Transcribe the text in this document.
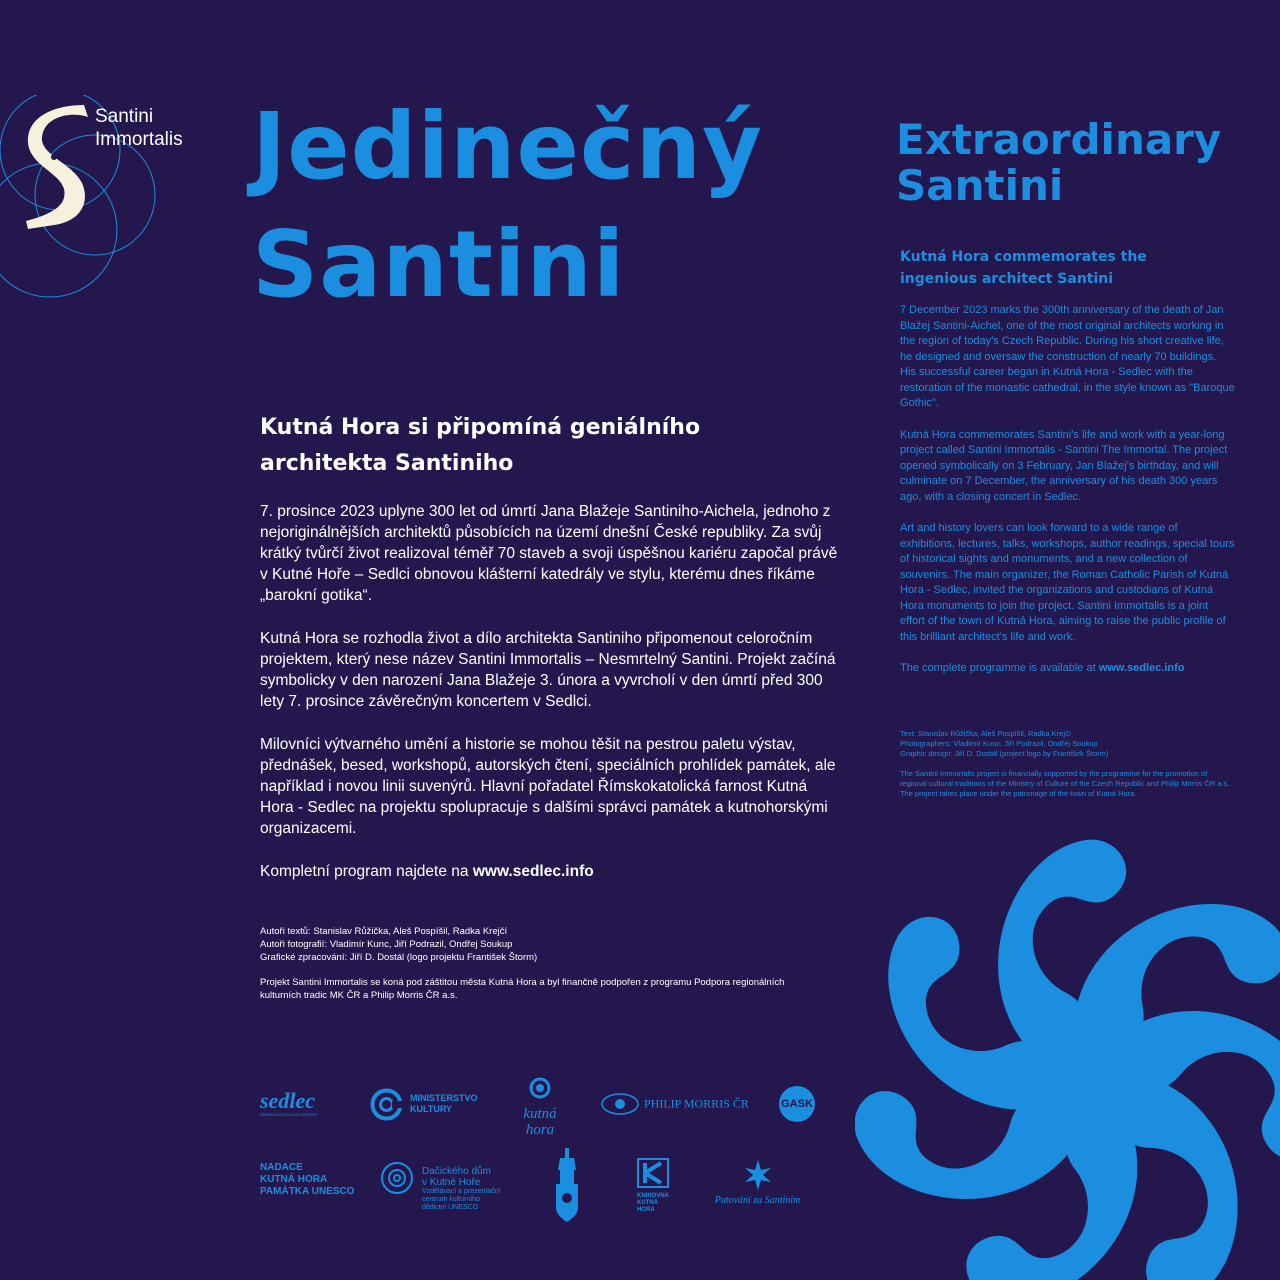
Santini
Immortalis Jedinečný
Santini
Extraordinary
Santini
Kutná Hora si připomíná geniálního
architekta Santiniho

7. prosince 2023 uplyne 300 let od úmrtí Jana Blažeje Santiniho-Aichela, jednoho z nejoriginálnějších architektů působících na území dnešní České republiky. Za svůj krátký tvůrčí život realizoval téměř 70 staveb a svoji úspěšnou kariéru započal právě v Kutné Hoře – Sedlci obnovou klášterní katedrály ve stylu, kterému dnes říkáme „barokní gotika“.

Kutná Hora se rozhodla život a dílo architekta Santiniho připomenout celoročním projektem, který nese název Santini Immortalis – Nesmrtelný Santini. Projekt začíná symbolicky v den narození Jana Blažeje 3. února a vyvrcholí v den úmrtí před 300 lety 7. prosince závěrečným koncertem v Sedlci.

Milovníci výtvarného umění a historie se mohou těšit na pestrou paletu výstav, přednášek, besed, workshopů, autorských čtení, speciálních prohlídek památek, ale například i novou linii suvenýrů. Hlavní pořadatel Římskokatolická farnost Kutná Hora - Sedlec na projektu spolupracuje s dalšími správci památek a kutnohorskými organizacemi.

Kompletní program najdete na www.sedlec.info

Autoři textů: Stanislav Růžička, Aleš Pospíšil, Radka Krejčí
Autoři fotografií: Vladimír Kunc, Jiří Podrazil, Ondřej Soukup
Grafické zpracování: Jiří D. Dostál (logo projektu František Štorm)

Projekt Santini Immortalis se koná pod záštitou města Kutná Hora a byl finančně podpořen z programu Podpora regionálních kulturních tradic MK ČR a Philip Morris ČR a.s.

Kutná Hora commemorates the ingenious architect Santini

7 December 2023 marks the 300th anniversary of the death of Jan Blažej Santini-Aichel, one of the most original architects working in the region of today’s Czech Republic. During his short creative life, he designed and oversaw the construction of nearly 70 buildings. His successful career began in Kutná Hora - Sedlec with the restoration of the monastic cathedral, in the style known as "Baroque Gothic".

Kutná Hora commemorates Santini’s life and work with a year-long project called Santini Immortalis - Santini The Immortal. The project opened symbolically on 3 February, Jan Blažej’s birthday, and will culminate on 7 December, the anniversary of his death 300 years ago, with a closing concert in Sedlec.

Art and history lovers can look forward to a wide range of exhibitions, lectures, talks, workshops, author readings, special tours of historical sights and monuments, and a new collection of souvenirs. The main organizer, the Roman Catholic Parish of Kutná Hora - Sedlec, invited the organizations and custodians of Kutná Hora monuments to join the project. Santini Immortalis is a joint effort of the town of Kutná Hora, aiming to raise the public profile of this brilliant architect’s life and work.

The complete programme is available at www.sedlec.info

Text: Stanislav Růžička, Aleš Pospíšil, Radka Krejčí
Photographers: Vladimír Kunc, Jiří Podrazil, Ondřej Soukup
Graphic design: Jiří D. Dostál (project logo by František Štorm)

The Santini Immortalis project is financially supported by the programme for the promotion of regional cultural traditions of the Ministry of Culture of the Czech Republic and Philip Morris ČR a.s. The project takes place under the patronage of the town of Kutná Hora.

sedlec
ŘÍMSKOKATOLICKÁ FARNOST
MINISTERSTVO
KULTURY	kutná
hora
PHILIP MORRIS ČR	GASK
NADACE
KUTNÁ HORA
PAMÁTKA UNESCO
Dačického dům
v Kutné Hoře
Vzdělávací a prezentační
centrum kulturního
dědictví UNESCO
KNIHOVNA
KUTNÁ
HORA
Putování za Santinim
